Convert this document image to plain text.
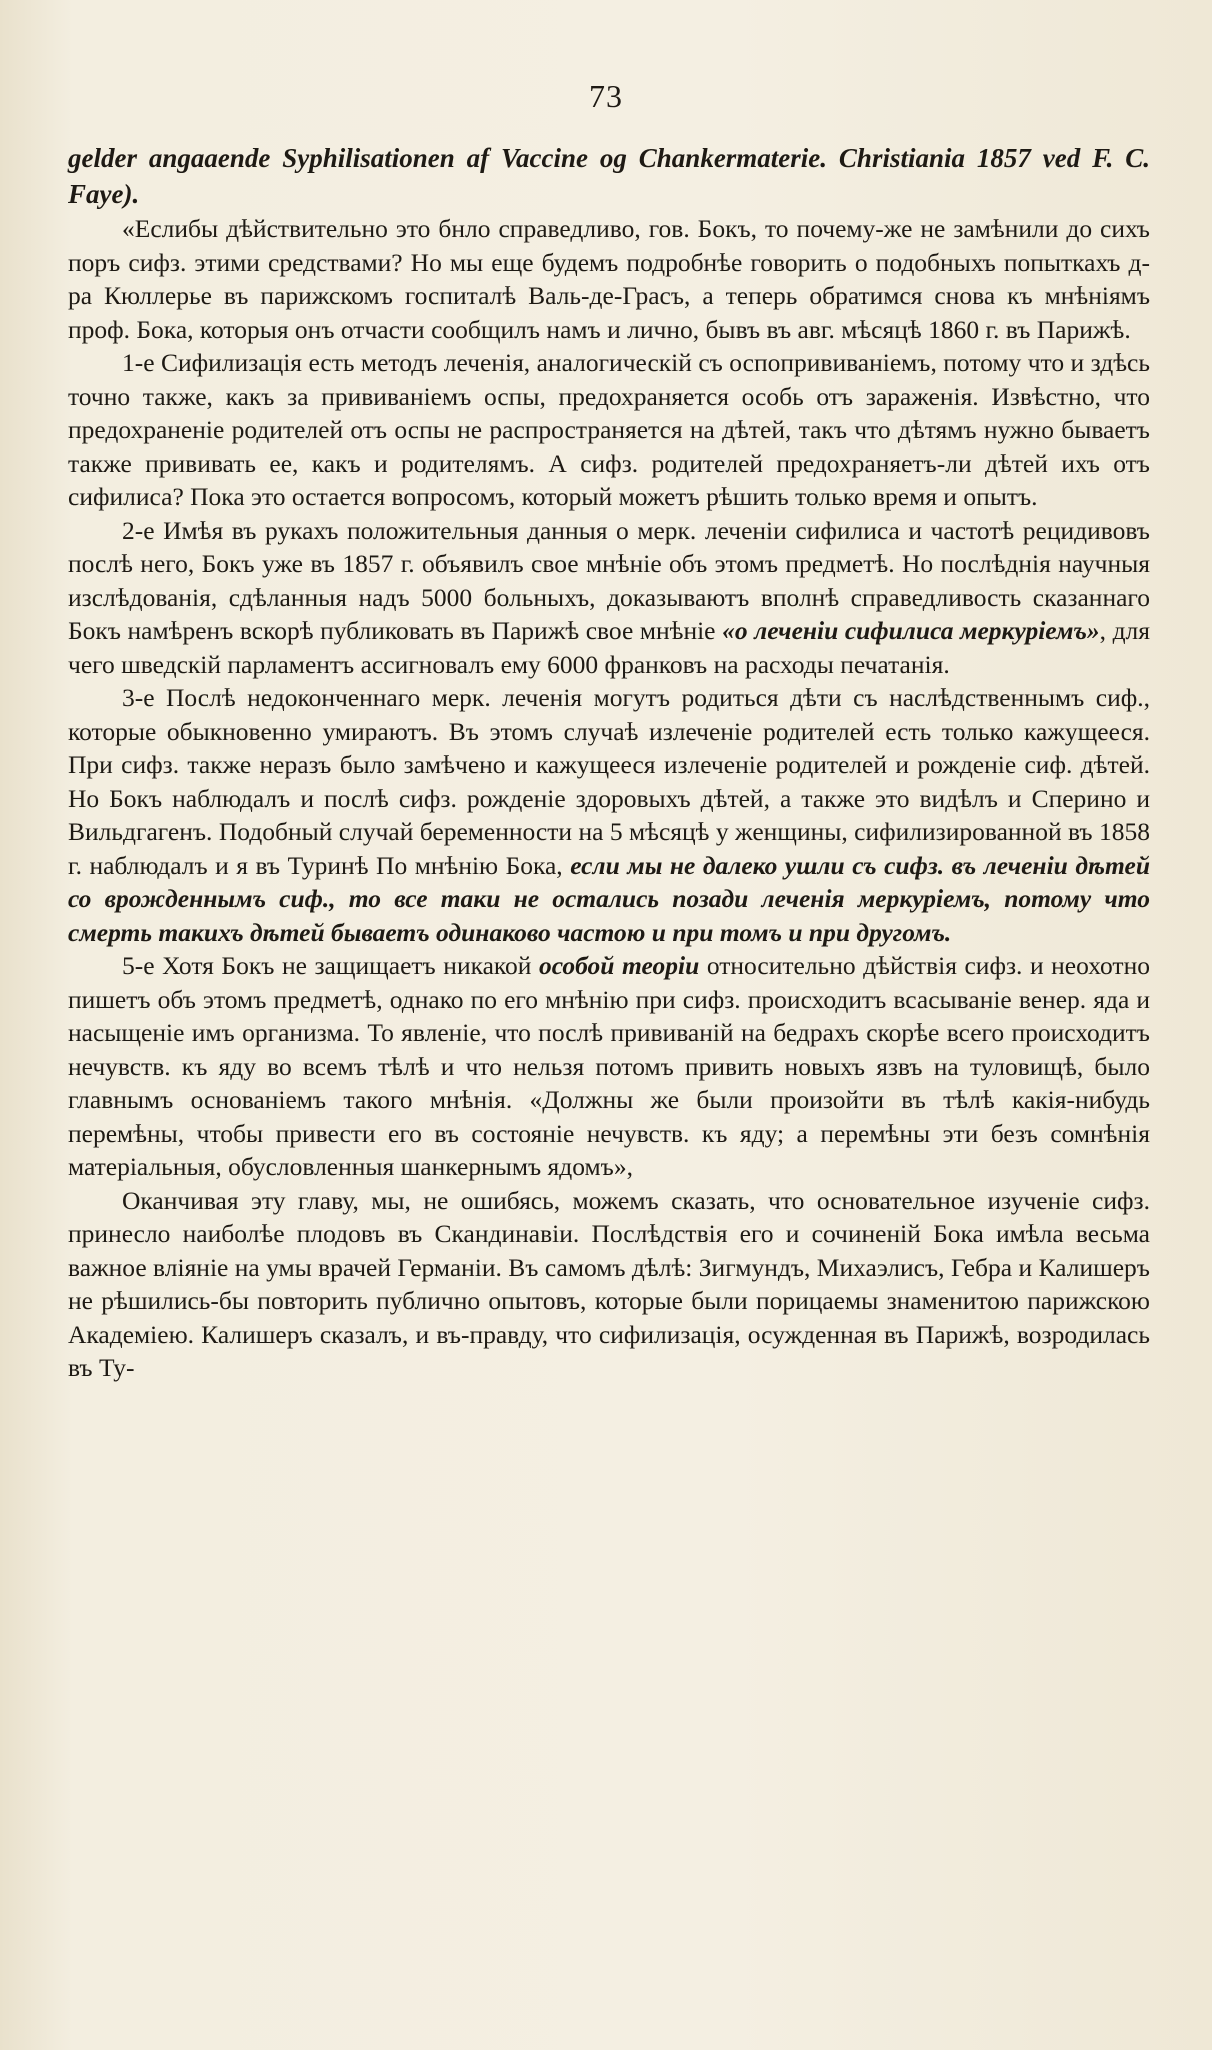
73

gelder angaaende Syphilisationen af Vaccine og Chankermaterie. Christiania 1857 ved F. C. Faye).

«Еслибы дѣйствительно это бнло справедливо, гов. Бокъ, то почему-же не замѣнили до сихъ поръ сифз. этими средствами? Но мы еще будемъ подробнѣе говорить о подобныхъ попыткахъ д-ра Кюллерье въ парижскомъ госпиталѣ Валь-де-Грасъ, а теперь обратимся снова къ мнѣніямъ проф. Бока, которыя онъ отчасти сообщилъ намъ и лично, бывъ въ авг. мѣсяцѣ 1860 г. въ Парижѣ.

1-е Сифилизація есть методъ леченія, аналогическій съ оспопрививаніемъ, потому что и здѣсь точно также, какъ за прививаніемъ оспы, предохраняется особь отъ зараженія. Извѣстно, что предохраненіе родителей отъ оспы не распространяется на дѣтей, такъ что дѣтямъ нужно бываетъ также прививать ее, какъ и родителямъ. А сифз. родителей предохраняетъ-ли дѣтей ихъ отъ сифилиса? Пока это остается вопросомъ, который можетъ рѣшить только время и опытъ.

2-е Имѣя въ рукахъ положительныя данныя о мерк. леченіи сифилиса и частотѣ рецидивовъ послѣ него, Бокъ уже въ 1857 г. объявилъ свое мнѣніе объ этомъ предметѣ. Но послѣднія научныя изслѣдованія, сдѣланныя надъ 5000 больныхъ, доказываютъ вполнѣ справедливость сказаннаго Бокъ намѣренъ вскорѣ публиковать въ Парижѣ свое мнѣніе «о леченіи сифилиса меркуріемъ», для чего шведскій парламентъ ассигновалъ ему 6000 франковъ на расходы печатанія.

3-е Послѣ недоконченнаго мерк. леченія могутъ родиться дѣти съ наслѣдственнымъ сиф., которые обыкновенно умираютъ. Въ этомъ случаѣ излеченіе родителей есть только кажущееся. При сифз. также неразъ было замѣчено и кажущееся излеченіе родителей и рожденіе сиф. дѣтей. Но Бокъ наблюдалъ и послѣ сифз. рожденіе здоровыхъ дѣтей, а также это видѣлъ и Сперино и Вильдгагенъ. Подобный случай беременности на 5 мѣсяцѣ у женщины, сифилизированной въ 1858 г. наблюдалъ и я въ Туринѣ По мнѣнію Бока, если мы не далеко ушли съ сифз. въ леченіи дѣтей со врожденнымъ сиф., то все таки не остались позади леченія меркуріемъ, потому что смерть такихъ дѣтей бываетъ одинаково частою и при томъ и при другомъ.

5-е Хотя Бокъ не защищаетъ никакой особой теоріи относительно дѣйствія сифз. и неохотно пишетъ объ этомъ предметѣ, однако по его мнѣнію при сифз. происходитъ всасываніе венер. яда и насыщеніе имъ организма. То явленіе, что послѣ прививаній на бедрахъ скорѣе всего происходитъ нечувств. къ яду во всемъ тѣлѣ и что нельзя потомъ привить новыхъ язвъ на туловищѣ, было главнымъ основаніемъ такого мнѣнія. «Должны же были произойти въ тѣлѣ какія-нибудь перемѣны, чтобы привести его въ состояніе нечувств. къ яду; а перемѣны эти безъ сомнѣнія матеріальныя, обусловленныя шанкернымъ ядомъ»,

Оканчивая эту главу, мы, не ошибясь, можемъ сказать, что основательное изученіе сифз. принесло наиболѣе плодовъ въ Скандинавіи. Послѣдствія его и сочиненій Бока имѣла весьма важное вліяніе на умы врачей Германіи. Въ самомъ дѣлѣ: Зигмундъ, Михаэлисъ, Гебра и Калишеръ не рѣшились-бы повторить публично опытовъ, которые были порицаемы знаменитою парижскою Академіею. Калишеръ сказалъ, и въ-правду, что сифилизація, осужденная въ Парижѣ, возродилась въ Ту-
